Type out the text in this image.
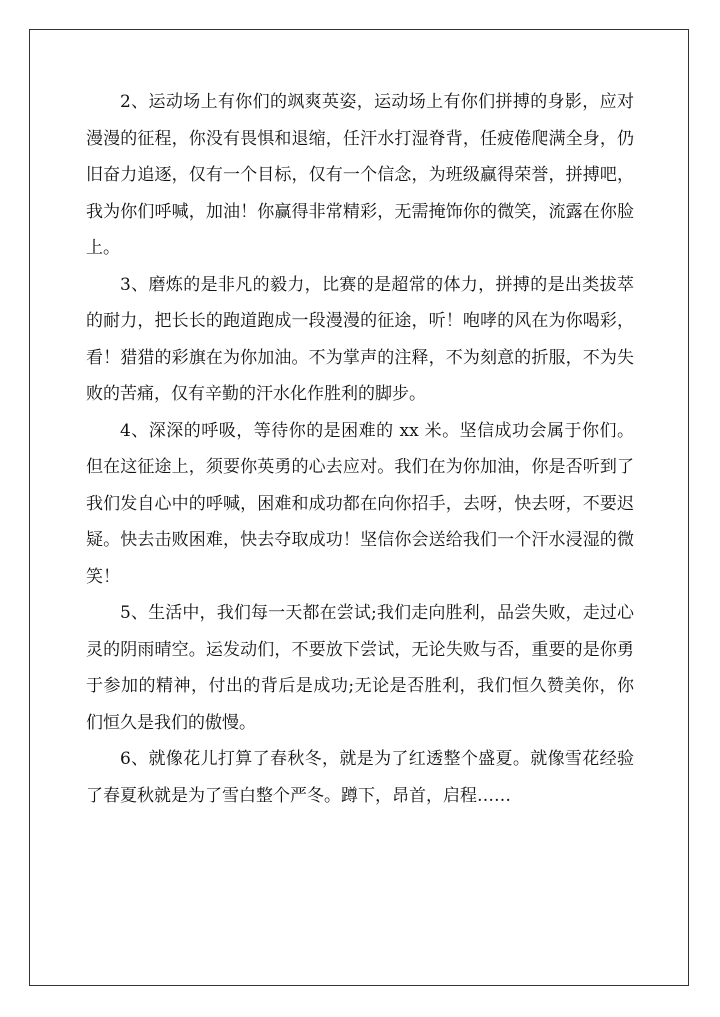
2、运动场上有你们的飒爽英姿，运动场上有你们拼搏的身影，应对漫漫的征程，你没有畏惧和退缩，任汗水打湿脊背，任疲倦爬满全身，仍旧奋力追逐，仅有一个目标，仅有一个信念，为班级赢得荣誉，拼搏吧，我为你们呼喊，加油！你赢得非常精彩，无需掩饰你的微笑，流露在你脸上。

3、磨炼的是非凡的毅力，比赛的是超常的体力，拼搏的是出类拔萃的耐力，把长长的跑道跑成一段漫漫的征途，听！咆哮的风在为你喝彩，看！猎猎的彩旗在为你加油。不为掌声的注释，不为刻意的折服，不为失败的苦痛，仅有辛勤的汗水化作胜利的脚步。

4、深深的呼吸，等待你的是困难的 xx 米。坚信成功会属于你们。但在这征途上，须要你英勇的心去应对。我们在为你加油，你是否听到了我们发自心中的呼喊，困难和成功都在向你招手，去呀，快去呀，不要迟疑。快去击败困难，快去夺取成功！坚信你会送给我们一个汗水浸湿的微笑！

5、生活中，我们每一天都在尝试;我们走向胜利，品尝失败，走过心灵的阴雨晴空。运发动们，不要放下尝试，无论失败与否，重要的是你勇于参加的精神，付出的背后是成功;无论是否胜利，我们恒久赞美你，你们恒久是我们的傲慢。

6、就像花儿打算了春秋冬，就是为了红透整个盛夏。就像雪花经验了春夏秋就是为了雪白整个严冬。蹲下，昂首，启程……
